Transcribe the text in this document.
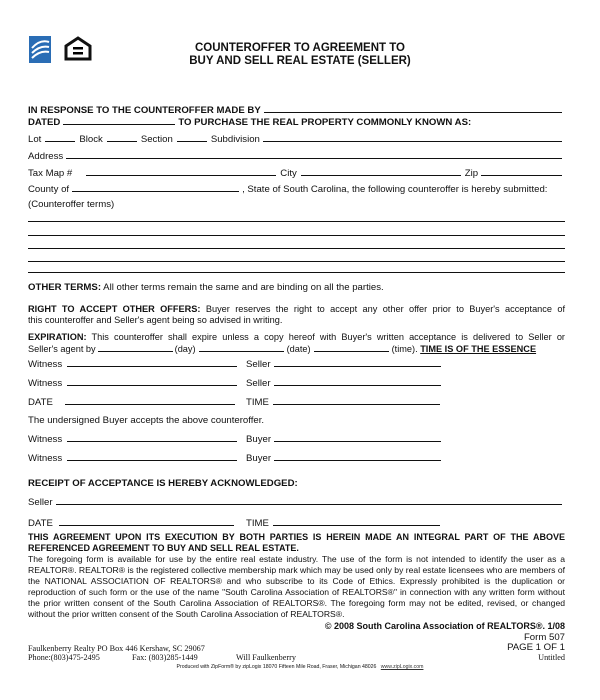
COUNTEROFFER TO AGREEMENT TO
BUY AND SELL REAL ESTATE (SELLER)
IN RESPONSE TO THE COUNTEROFFER MADE BY
DATED	TO PURCHASE THE REAL PROPERTY COMMONLY KNOWN AS:
Lot	Block	Section	Subdivision
Address
Tax Map #	City	Zip
County of	, State of South Carolina, the following counteroffer is hereby submitted:
(Counteroffer terms)
OTHER TERMS: All other terms remain the same and are binding on all the parties.
RIGHT TO ACCEPT OTHER OFFERS: Buyer reserves the right to accept any other offer prior to Buyer's acceptance of
this counteroffer and Seller's agent being so advised in writing.
EXPIRATION: This counteroffer shall expire unless a copy hereof with Buyer's written acceptance is delivered to Seller or
Seller's agent by	(day)	(date)	(time). TIME IS OF THE ESSENCE
Witness	Seller
Witness	Seller
DATE	TIME
The undersigned Buyer accepts the above counteroffer.
Witness	Buyer
Witness	Buyer
RECEIPT OF ACCEPTANCE IS HEREBY ACKNOWLEDGED:
Seller
DATE	TIME
THIS AGREEMENT UPON ITS EXECUTION BY BOTH PARTIES IS HEREIN MADE AN INTEGRAL PART OF THE ABOVE
REFERENCED AGREEMENT TO BUY AND SELL REAL ESTATE.
The foregoing form is available for use by the entire real estate industry. The use of the form is not intended to identify the user as a REALTOR®. REALTOR® is the registered collective membership mark which may be used only by real estate licensees who are members of the NATIONAL ASSOCIATION OF REALTORS® and who subscribe to its Code of Ethics. Expressly prohibited is the duplication or reproduction of such form or the use of the name "South Carolina Association of REALTORS®" in connection with any written form without the prior written consent of the South Carolina Association of REALTORS®. The foregoing form may not be edited, revised, or changed without the prior written consent of the South Carolina Association of REALTORS®.
© 2008 South Carolina Association of REALTORS®. 1/08
Form 507
PAGE 1 OF 1
Faulkenberry Realty PO Box 446 Kershaw, SC 29067
Phone:(803)475-2495	Fax: (803)285-1449	Will Faulkenberry	Untitled
Produced with ZipForm® by zipLogix 18070 Fifteen Mile Road, Fraser, Michigan 48026 www.zipLogix.com
